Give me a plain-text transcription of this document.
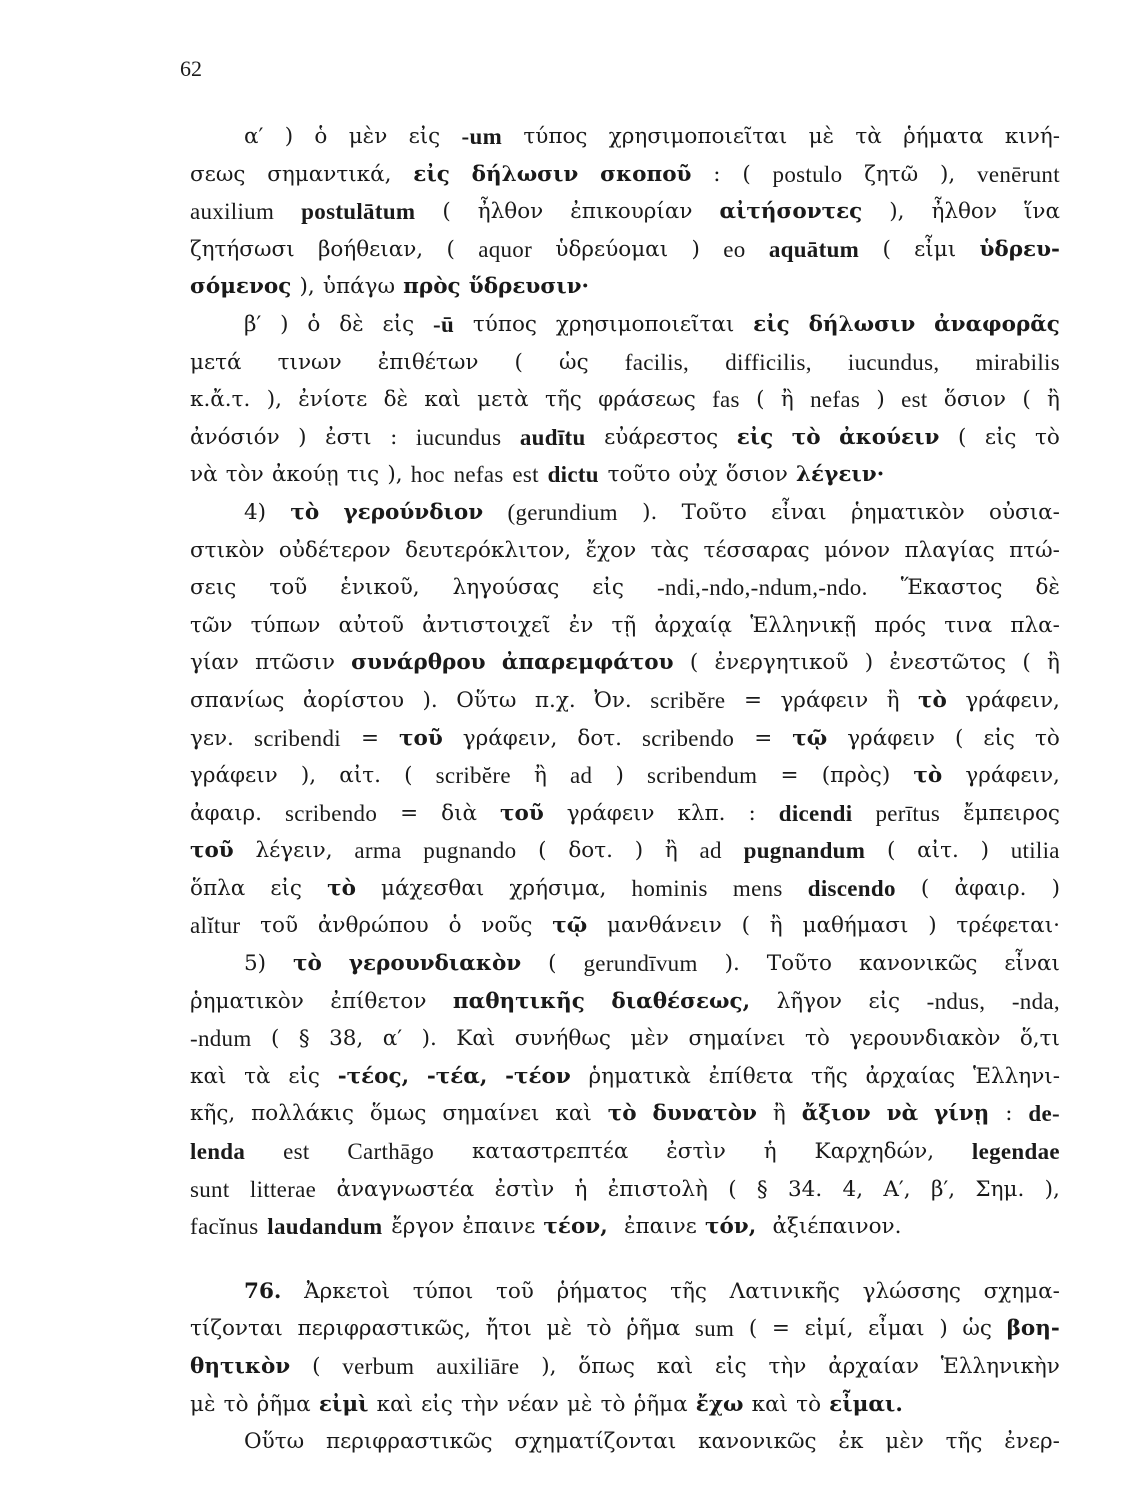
62
α′ ) ὁ μὲν εἰς -um τύπος χρησιμοποιεῖται μὲ τὰ ῥήματα κινή-
σεως σημαντικά, εἰς δήλωσιν σκοποῦ : ( postulo ζητῶ ), venērunt
auxilium postulātum ( ἦλθον ἐπικουρίαν αἰτήσοντες ), ἦλθον ἵνα
ζητήσωσι βοήθειαν, ( aquor ὑδρεύομαι ) eo aquātum ( εἶμι ὑδρευ-
σόμενος ), ὑπάγω πρὸς ὕδρευσιν·
β′ ) ὁ δὲ εἰς -ū τύπος χρησιμοποιεῖται εἰς δήλωσιν ἀναφορᾶς
μετά τινων ἐπιθέτων ( ὡς facilis, difficilis, iucundus, mirabilis
κ.ἄ.τ. ), ἐνίοτε δὲ καὶ μετὰ τῆς φράσεως fas ( ἢ nefas ) est ὅσιον ( ἢ
ἀνόσιόν ) ἐστι : iucundus audītu εὐάρεστος εἰς τὸ ἀκούειν ( εἰς τὸ
νὰ τὸν ἀκούῃ τις ), hoc nefas est dictu τοῦτο οὐχ ὅσιον λέγειν·
4) τὸ γερούνδιον (gerundium ). Τοῦτο εἶναι ῥηματικὸν οὐσια-
στικὸν οὐδέτερον δευτερόκλιτον, ἔχον τὰς τέσσαρας μόνον πλαγίας πτώ-
σεις τοῦ ἑνικοῦ, ληγούσας εἰς -ndi,-ndo,-ndum,-ndo. Ἕκαστος δὲ
τῶν τύπων αὐτοῦ ἀντιστοιχεῖ ἐν τῇ ἀρχαίᾳ Ἑλληνικῇ πρός τινα πλα-
γίαν πτῶσιν συνάρθρου ἀπαρεμφάτου ( ἐνεργητικοῦ ) ἐνεστῶτος ( ἢ
σπανίως ἀορίστου ). Οὕτω π.χ. Ὀν. scribĕre = γράφειν ἢ τὸ γράφειν,
γεν. scribendi = τοῦ γράφειν, δοτ. scribendo = τῷ γράφειν ( εἰς τὸ
γράφειν ), αἰτ. ( scribĕre ἢ ad ) scribendum = (πρὸς) τὸ γράφειν,
ἀφαιρ. scribendo = διὰ τοῦ γράφειν κλπ. : dicendi perītus ἔμπειρος
τοῦ λέγειν, arma pugnando ( δοτ. ) ἢ ad pugnandum ( αἰτ. ) utilia
ὅπλα εἰς τὸ μάχεσθαι χρήσιμα, hominis mens discendo ( ἀφαιρ. )
alĭtur τοῦ ἀνθρώπου ὁ νοῦς τῷ μανθάνειν ( ἢ μαθήμασι ) τρέφεται·
5) τὸ γερουνδιακὸν ( gerundīvum ). Τοῦτο κανονικῶς εἶναι
ῥηματικὸν ἐπίθετον παθητικῆς διαθέσεως, λῆγον εἰς -ndus, -nda,
-ndum ( § 38, α′ ). Καὶ συνήθως μὲν σημαίνει τὸ γερουνδιακὸν ὅ,τι
καὶ τὰ εἰς -τέος, -τέα, -τέον ῥηματικὰ ἐπίθετα τῆς ἀρχαίας Ἑλληνι-
κῆς, πολλάκις ὅμως σημαίνει καὶ τὸ δυνατὸν ἢ ἄξιον νὰ γίνῃ : de-
lenda est Carthāgo καταστρεπτέα ἐστὶν ἡ Καρχηδών, legendae
sunt litterae ἀναγνωστέα ἐστὶν ἡ ἐπιστολὴ ( § 34. 4, Α′, β′, Σημ. ),
facĭnus laudandum ἔργον ἐπαινε τέον, ἐπαινε τόν, ἀξιέπαινον.
76. Ἀρκετοὶ τύποι τοῦ ῥήματος τῆς Λατινικῆς γλώσσης σχημα-
τίζονται περιφραστικῶς, ἤτοι μὲ τὸ ῥῆμα sum ( = εἰμί, εἶμαι ) ὡς βοη-
θητικὸν ( verbum auxiliāre ), ὅπως καὶ εἰς τὴν ἀρχαίαν Ἑλληνικὴν
μὲ τὸ ῥῆμα εἰμὶ καὶ εἰς τὴν νέαν μὲ τὸ ῥῆμα ἔχω καὶ τὸ εἶμαι.
Οὕτω περιφραστικῶς σχηματίζονται κανονικῶς ἐκ μὲν τῆς ἐνερ-
